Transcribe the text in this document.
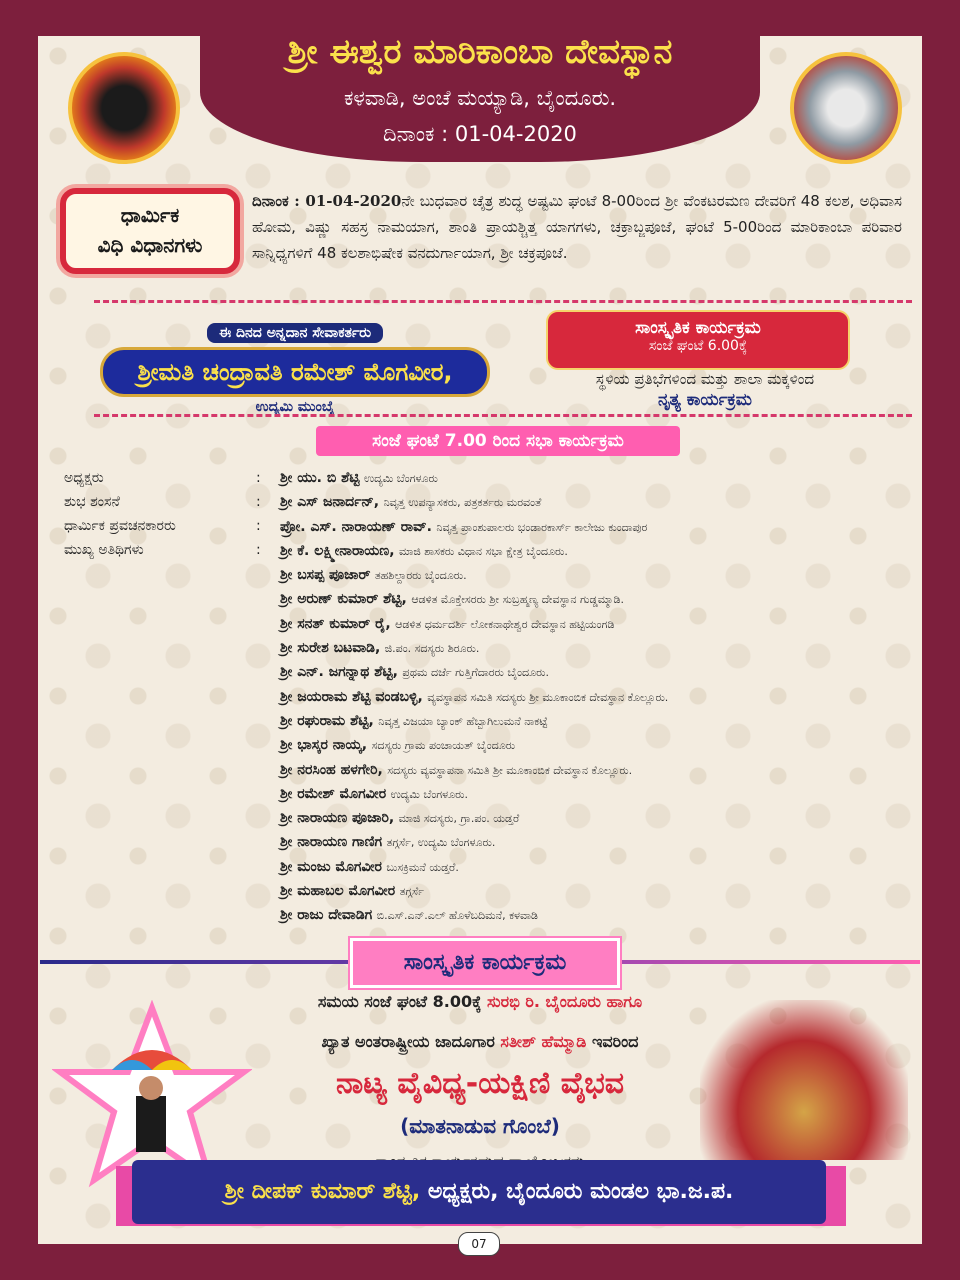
ಶ್ರೀ ಈಶ್ವರ ಮಾರಿಕಾಂಬಾ ದೇವಸ್ಥಾನ
ಕಳವಾಡಿ, ಅಂಚೆ ಮಯ್ಯಾಡಿ, ಬೈಂದೂರು.
ದಿನಾಂಕ : 01-04-2020
ಧಾರ್ಮಿಕ
ವಿಧಿ ವಿಧಾನಗಳು
ದಿನಾಂಕ : 01-04-2020ನೇ ಬುಧವಾರ ಚೈತ್ರ ಶುದ್ಧ ಅಷ್ಟಮಿ ಘಂಟೆ 8-00ರಿಂದ ಶ್ರೀ ವೆಂಕಟರಮಣ ದೇವರಿಗೆ 48 ಕಲಶ, ಅಧಿವಾಸ ಹೋಮ, ವಿಷ್ಣು ಸಹಸ್ರ ನಾಮಯಾಗ, ಶಾಂತಿ ಪ್ರಾಯಶ್ಚಿತ್ತ ಯಾಗಗಳು, ಚಕ್ರಾಬ್ಜಪೂಜೆ, ಘಂಟೆ 5-00ರಿಂದ ಮಾರಿಕಾಂಬಾ ಪರಿವಾರ ಸಾನ್ನಿಧ್ಯಗಳಿಗೆ 48 ಕಲಶಾಭಿಷೇಕ ವನದುರ್ಗಾಯಾಗ, ಶ್ರೀ ಚಕ್ರಪೂಜೆ.
ಈ ದಿನದ ಅನ್ನದಾನ ಸೇವಾಕರ್ತರು
ಶ್ರೀಮತಿ ಚಂದ್ರಾವತಿ ರಮೇಶ್ ಮೊಗವೀರ,
ಉದ್ಯಮಿ ಮುಂಬೈ
ಸಾಂಸ್ಕೃತಿಕ ಕಾರ್ಯಕ್ರಮ
ಸಂಜೆ ಘಂಟೆ 6.00ಕ್ಕೆ
ಸ್ಥಳಿಯ ಪ್ರತಿಭೆಗಳಿಂದ ಮತ್ತು ಶಾಲಾ ಮಕ್ಕಳಿಂದ
ನೃತ್ಯ ಕಾರ್ಯಕ್ರಮ
ಸಂಜೆ ಘಂಟೆ 7.00 ರಿಂದ ಸಭಾ ಕಾರ್ಯಕ್ರಮ
ಅಧ್ಯಕ್ಷರು
ಶುಭ ಶಂಸನೆ
ಧಾರ್ಮಿಕ ಪ್ರವಚನಕಾರರು
ಮುಖ್ಯ ಅತಿಥಿಗಳು
:
:
:
:
ಶ್ರೀ ಯು. ಬಿ ಶೆಟ್ಟಿ ಉದ್ಯಮಿ ಬೆಂಗಳೂರು
ಶ್ರೀ ಎಸ್ ಜನಾರ್ದನ್, ನಿವೃತ್ತ ಉಪನ್ಯಾಸಕರು, ಪತ್ರಕರ್ತರು ಮರವಂತೆ
ಪ್ರೋ. ಎಸ್. ನಾರಾಯಣ್ ರಾವ್. ನಿವೃತ್ತ ಪ್ರಾಂಶುಪಾಲರು ಭಂಡಾರಕಾರ್ಸ್ ಕಾಲೇಜು ಕುಂದಾಪುರ
ಶ್ರೀ ಕೆ. ಲಕ್ಷ್ಮೀನಾರಾಯಣ, ಮಾಜಿ ಶಾಸಕರು ವಿಧಾನ ಸಭಾ ಕ್ಷೇತ್ರ ಬೈಂದೂರು.
ಶ್ರೀ ಬಸಪ್ಪ ಪೂಜಾರ್ ತಹಶಿಲ್ದಾರರು ಬೈಂದೂರು.
ಶ್ರೀ ಅರುಣ್ ಕುಮಾರ್ ಶೆಟ್ಟಿ, ಆಡಳಿತ ಮೊಕ್ತೇಸರರು ಶ್ರೀ ಸುಬ್ರಹ್ಮಣ್ಯ ದೇವಸ್ಥಾನ ಗುಡ್ಡಮ್ಮಾಡಿ.
ಶ್ರೀ ಸನತ್ ಕುಮಾರ್ ರೈ, ಆಡಳಿತ ಧರ್ಮದರ್ಶಿ ಲೋಕನಾಥೇಶ್ವರ ದೇವಸ್ಥಾನ ಹಟ್ಟಿಯಂಗಡಿ
ಶ್ರೀ ಸುರೇಶ ಬಟವಾಡಿ, ಜಿ.ಪಂ. ಸದಸ್ಯರು ಶಿರೂರು.
ಶ್ರೀ ಎನ್. ಜಗನ್ನಾಥ ಶೆಟ್ಟಿ, ಪ್ರಥಮ ದರ್ಜೆ ಗುತ್ತಿಗೆದಾರರು ಬೈಂದೂರು.
ಶ್ರೀ ಜಯರಾಮ ಶೆಟ್ಟಿ ವಂಡಬಳ್ಳಿ, ವ್ಯವಸ್ಥಾಪನ ಸಮಿತಿ ಸದಸ್ಯರು ಶ್ರೀ ಮೂಕಾಂಬಿಕ ದೇವಸ್ಥಾನ ಕೊಲ್ಲೂರು.
ಶ್ರೀ ರಘುರಾಮ ಶೆಟ್ಟಿ, ನಿವೃತ್ತ ವಿಜಯಾ ಬ್ಯಾಂಕ್ ಹೆಬ್ಬಾಗಿಲುಮನೆ ನಾಕಟ್ಟೆ
ಶ್ರೀ ಭಾಸ್ಕರ ನಾಯ್ಕ, ಸದಸ್ಯರು ಗ್ರಾಮ ಪಂಚಾಯತ್ ಬೈಂದೂರು
ಶ್ರೀ ನರಸಿಂಹ ಹಳಗೇರಿ, ಸದಸ್ಯರು ವ್ಯವಸ್ಥಾಪನಾ ಸಮಿತಿ ಶ್ರೀ ಮೂಕಾಂಬಿಕ ದೇವಸ್ಥಾನ ಕೊಲ್ಲೂರು.
ಶ್ರೀ ರಮೇಶ್ ಮೊಗವೀರ ಉದ್ಯಮಿ ಬೆಂಗಳೂರು.
ಶ್ರೀ ನಾರಾಯಣ ಪೂಜಾರಿ, ಮಾಜಿ ಸದಸ್ಯರು, ಗ್ರಾ.ಪಂ. ಯಡ್ತರೆ
ಶ್ರೀ ನಾರಾಯಣ ಗಾಣಿಗ ತಗ್ಗರ್ಸೆ, ಉದ್ಯಮಿ ಬೆಂಗಳೂರು.
ಶ್ರೀ ಮಂಜು ಮೊಗವೀರ ಬುಸಕ್ರಿಮನೆ ಯಡ್ತರೆ.
ಶ್ರೀ ಮಹಾಬಲ ಮೊಗವೀರ ತಗ್ಗರ್ಸೆ
ಶ್ರೀ ರಾಜು ದೇವಾಡಿಗ ಬಿ.ಎಸ್.ಎನ್.ಎಲ್ ಹೊಳೆಬದಿಮನೆ, ಕಳವಾಡಿ
ಸಾಂಸ್ಕೃತಿಕ ಕಾರ್ಯಕ್ರಮ
ಸಮಯ ಸಂಜೆ ಘಂಟೆ 8.00ಕ್ಕೆ ಸುರಭಿ ರಿ. ಬೈಂದೂರು ಹಾಗೂ
ಖ್ಯಾತ ಅಂತರಾಷ್ಟ್ರೀಯ ಜಾದೂಗಾರ ಸತೀಶ್ ಹೆಮ್ಮಾಡಿ ಇವರಿಂದ
ನಾಟ್ಯ ವೈವಿಧ್ಯ-ಯಕ್ಷಿಣಿ ವೈಭವ
(ಮಾತನಾಡುವ ಗೊಂಬೆ)
ಶ್ರೀ ದೀಪಕ್ ಕುಮಾರ್ ಶೆಟ್ಟಿ, ಅಧ್ಯಕ್ಷರು, ಬೈಂದೂರು ಮಂಡಲ ಭಾ.ಜ.ಪ.
07
